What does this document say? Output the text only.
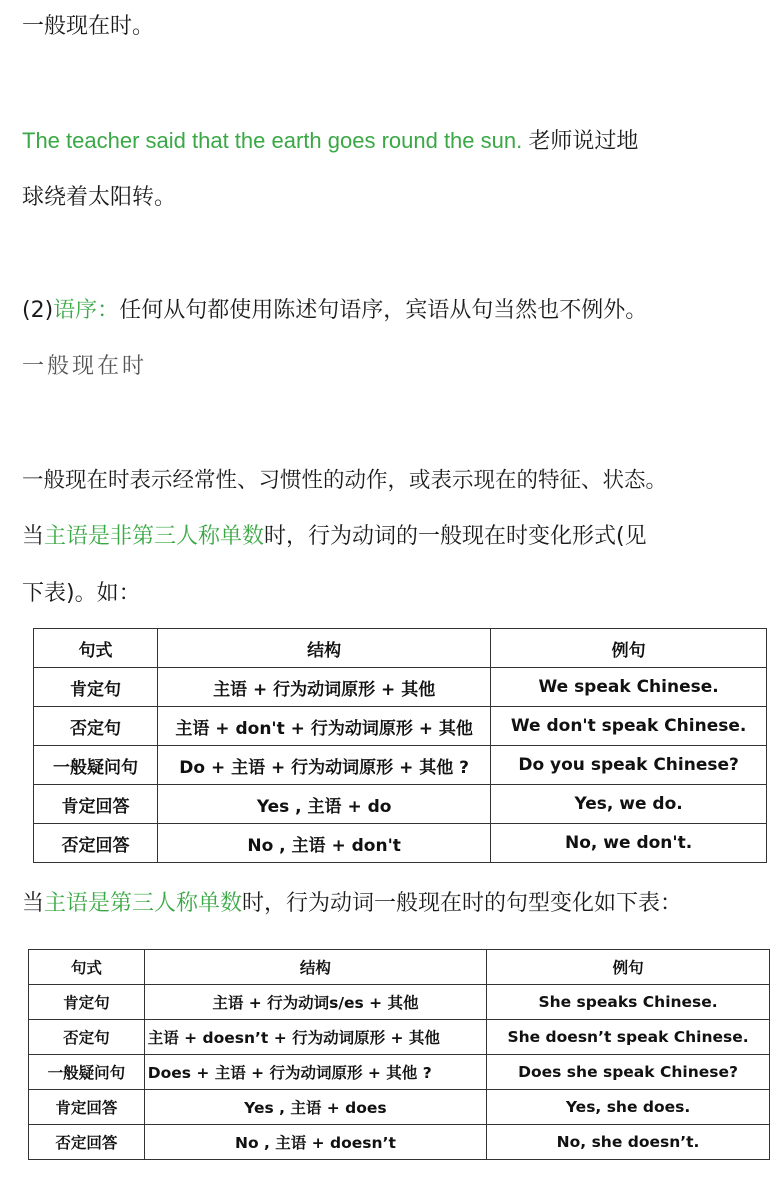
一般现在时。
The teacher said that the earth goes round the sun. 老师说过地
球绕着太阳转。
(2)语序：任何从句都使用陈述句语序，宾语从句当然也不例外。
一般现在时
一般现在时表示经常性、习惯性的动作，或表示现在的特征、状态。
当主语是非第三人称单数时，行为动词的一般现在时变化形式(见
下表)。如：
句式	结构	例句
肯定句	主语 + 行为动词原形 + 其他	We speak Chinese.
否定句	主语 + don't + 行为动词原形 + 其他	We don't speak Chinese.
一般疑问句	Do + 主语 + 行为动词原形 + 其他 ?	Do you speak Chinese?
肯定回答	Yes , 主语 + do	Yes, we do.
否定回答	No , 主语 + don't	No, we don't.
当主语是第三人称单数时，行为动词一般现在时的句型变化如下表：
句式	结构	例句
肯定句	主语 + 行为动词s/es + 其他	She speaks Chinese.
否定句	主语 + doesn’t + 行为动词原形 + 其他	She doesn’t speak Chinese.
一般疑问句	Does + 主语 + 行为动词原形 + 其他 ?	Does she speak Chinese?
肯定回答	Yes , 主语 + does	Yes, she does.
否定回答	No , 主语 + doesn’t	No, she doesn’t.
